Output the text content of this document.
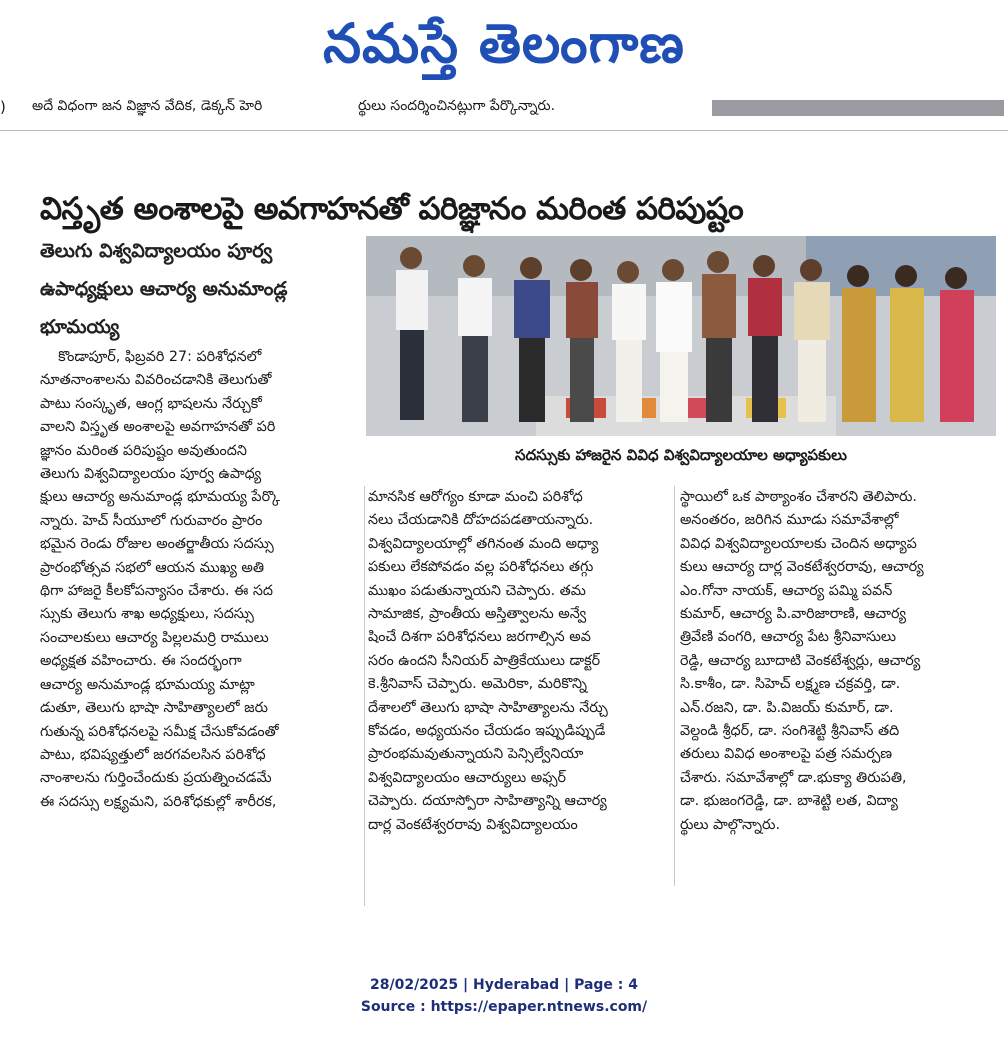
నమస్తే తెలంగాణ
) అదే విధంగా జన విజ్ఞాన వేదిక, డెక్కన్ హెరి	ర్థులు సందర్శించినట్లుగా పేర్కొన్నారు.
విస్తృత అంశాలపై అవగాహనతో పరిజ్ఞానం మరింత పరిపుష్టం
తెలుగు విశ్వవిద్యాలయం పూర్వ
ఉపాధ్యక్షులు ఆచార్య అనుమాండ్ల
భూమయ్య
సదస్సుకు హాజరైన వివిధ విశ్వవిద్యాలయాల అధ్యాపకులు
కొండాపూర్, ఫిబ్రవరి 27: పరిశోధనలో
నూతనాంశాలను వివరించడానికి తెలుగుతో
పాటు సంస్కృత, ఆంగ్ల భాషలను నేర్చుకో
వాలని విస్తృత అంశాలపై అవగాహనతో పరి
జ్ఞానం మరింత పరిపుష్టం అవుతుందని
తెలుగు విశ్వవిద్యాలయం పూర్వ ఉపాధ్య
క్షులు ఆచార్య అనుమాండ్ల భూమయ్య పేర్కొ
న్నారు. హెచ్ సీయూలో గురువారం ప్రారం
భమైన రెండు రోజుల అంతర్జాతీయ సదస్సు
ప్రారంభోత్సవ సభలో ఆయన ముఖ్య అతి
థిగా హాజరై కీలకోపన్యాసం చేశారు. ఈ సద
స్సుకు తెలుగు శాఖ అధ్యక్షులు, సదస్సు
సంచాలకులు ఆచార్య పిల్లలమర్రి రాములు
అధ్యక్షత వహించారు. ఈ సందర్భంగా
ఆచార్య అనుమాండ్ల భూమయ్య మాట్లా
డుతూ, తెలుగు భాషా సాహిత్యాలలో జరు
గుతున్న పరిశోధనలపై సమీక్ష చేసుకోవడంతో
పాటు, భవిష్యత్తులో జరగవలసిన పరిశోధ
నాంశాలను గుర్తించేందుకు ప్రయత్నించడమే
ఈ సదస్సు లక్ష్యమని, పరిశోధకుల్లో శారీరక,
మానసిక ఆరోగ్యం కూడా మంచి పరిశోధ
నలు చేయడానికి దోహదపడతాయన్నారు.
విశ్వవిద్యాలయాల్లో తగినంత మంది అధ్యా
పకులు లేకపోవడం వల్ల పరిశోధనలు తగ్గు
ముఖం పడుతున్నాయని చెప్పారు. తమ
సామాజిక, ప్రాంతీయ అస్తిత్వాలను అన్వే
షించే దిశగా పరిశోధనలు జరగాల్సిన అవ
సరం ఉందని సీనియర్ పాత్రికేయులు డాక్టర్
కె.శ్రీనివాస్ చెప్పారు. అమెరికా, మరికొన్ని
దేశాలలో తెలుగు భాషా సాహిత్యాలను నేర్చు
కోవడం, అధ్యయనం చేయడం ఇప్పుడిప్పుడే
ప్రారంభమవుతున్నాయని పెన్సిల్వేనియా
విశ్వవిద్యాలయం ఆచార్యులు అఫ్సర్
చెప్పారు. దయాస్పోరా సాహిత్యాన్ని ఆచార్య
దార్ల వెంకటేశ్వరరావు విశ్వవిద్యాలయం
స్థాయిలో ఒక పాఠ్యాంశం చేశారని తెలిపారు.
అనంతరం, జరిగిన మూడు సమావేశాల్లో
వివిధ విశ్వవిద్యాలయాలకు చెందిన అధ్యాప
కులు ఆచార్య దార్ల వెంకటేశ్వరరావు, ఆచార్య
ఎం.గోనా నాయక్, ఆచార్య పమ్మి పవన్
కుమార్, ఆచార్య పి.వారిజారాణి, ఆచార్య
త్రివేణి వంగరి, ఆచార్య పేట శ్రీనివాసులు
రెడ్డి, ఆచార్య బూదాటి వెంకటేశ్వర్లు, ఆచార్య
సి.కాశీం, డా. సిహెచ్ లక్ష్మణ చక్రవర్తి, డా.
ఎన్.రజని, డా. పి.విజయ్ కుమార్, డా.
వెల్దండి శ్రీధర్, డా. సంగిశెట్టి శ్రీనివాస్ తది
తరులు వివిధ అంశాలపై పత్ర సమర్పణ
చేశారు. సమావేశాల్లో డా.భుక్యా తిరుపతి,
డా. భుజంగరెడ్డి, డా. బాశెట్టి లత, విద్యా
ర్థులు పాల్గొన్నారు.
28/02/2025 | Hyderabad | Page : 4
Source : https://epaper.ntnews.com/
